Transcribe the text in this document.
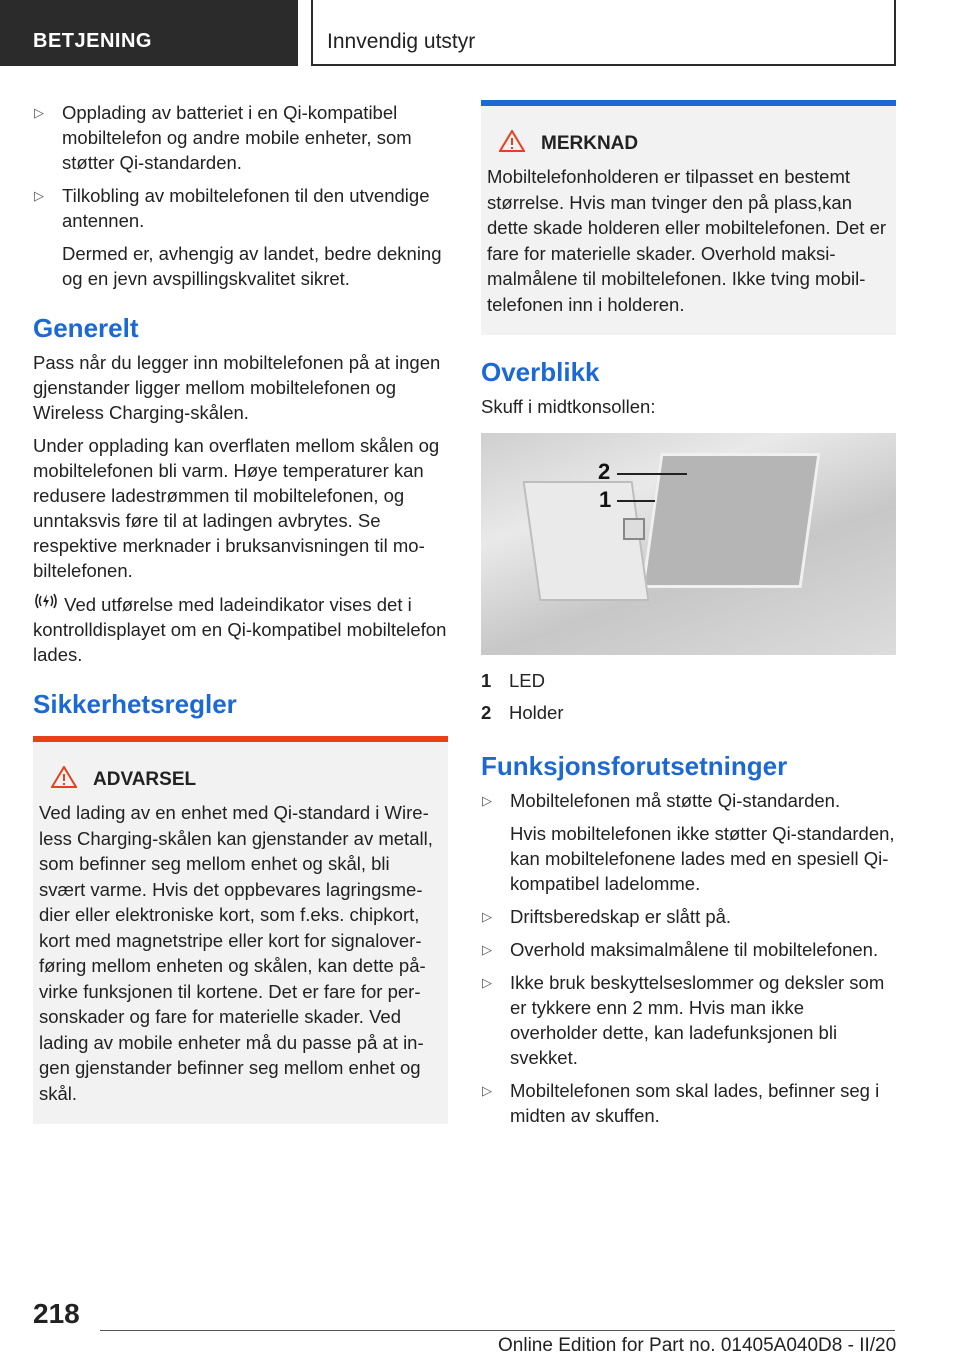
BETJENING	Innvendig utstyr
▷ Opplading av batteriet i en Qi-kompatibel mobiltelefon og andre mobile enheter, som støtter Qi-standarden.
▷ Tilkobling av mobiltelefonen til den utvendige antennen.
Dermed er, avhengig av landet, bedre dekning og en jevn avspillingskvalitet sikret.
Generelt

Pass når du legger inn mobiltelefonen på at ingen gjenstander ligger mellom mobiltelefonen og Wireless Charging-skålen.

Under opplading kan overflaten mellom skålen og mobiltelefonen bli varm. Høye temperaturer kan redusere ladestrømmen til mobiltelefonen, og unntaksvis føre til at ladingen avbrytes. Se respektive merknader i bruksanvisningen til mobiltelefonen.

Ved utførelse med ladeindikator vises det i kontrolldisplayet om en Qi-kompatibel mobiltelefon lades.

Sikkerhetsregler
ADVARSEL
Ved lading av en enhet med Qi-standard i Wireless Charging-skålen kan gjenstander av metall, som befinner seg mellom enhet og skål, bli svært varme. Hvis det oppbevares lagringsmedier eller elektroniske kort, som f.eks. chipkort, kort med magnetstripe eller kort for signaloverføring mellom enheten og skålen, kan dette påvirke funksjonen til kortene. Det er fare for personskader og fare for materielle skader. Ved lading av mobile enheter må du passe på at ingen gjenstander befinner seg mellom enhet og skål.
MERKNAD
Mobiltelefonholderen er tilpasset en bestemt størrelse. Hvis man tvinger den på plass,kan dette skade holderen eller mobiltelefonen. Det er fare for materielle skader. Overhold maksimalmålene til mobiltelefonen. Ikke tving mobiltelefonen inn i holderen.
Overblikk

Skuff i midtkonsollen:

2
1
1 LED
2 Holder
Funksjonsforutsetninger
▷ Mobiltelefonen må støtte Qi-standarden.
Hvis mobiltelefonen ikke støtter Qi-standarden, kan mobiltelefonene lades med en spesiell Qi-kompatibel ladelomme.
▷ Driftsberedskap er slått på.
▷ Overhold maksimalmålene til mobiltelefonen.
▷ Ikke bruk beskyttelseslommer og deksler som er tykkere enn 2 mm. Hvis man ikke overholder dette, kan ladefunksjonen bli svekket.
▷ Mobiltelefonen som skal lades, befinner seg i midten av skuffen.
218
Online Edition for Part no. 01405A040D8 - II/20
